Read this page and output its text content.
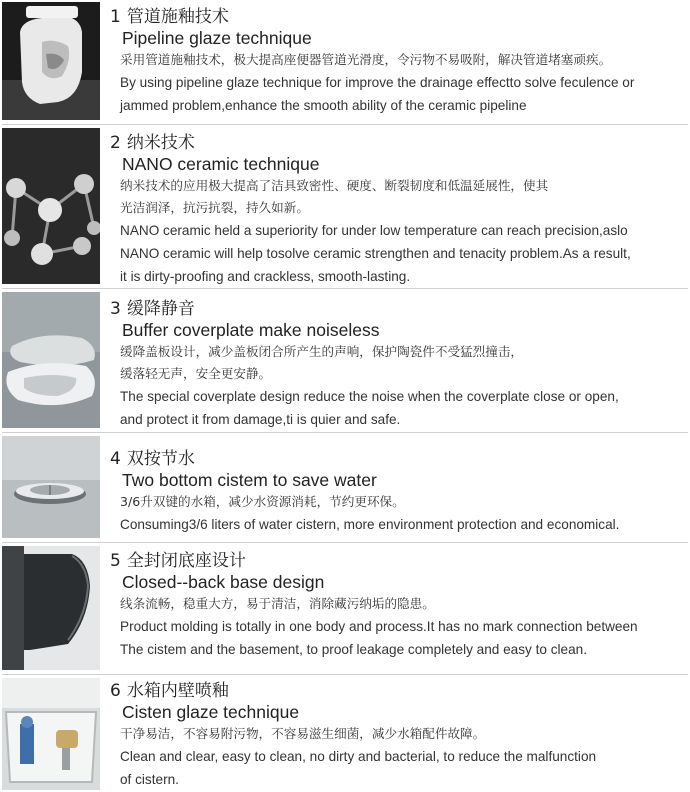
1 管道施釉技术

Pipeline glaze technique

采用管道施釉技术，极大提高座便器管道光滑度，令污物不易吸附，解决管道堵塞顽疾。

By using pipeline glaze technique for improve the drainage effectto solve feculence or

jammed problem,enhance the smooth ability of the ceramic pipeline

2 纳米技术

NANO ceramic technique

纳米技术的应用极大提高了洁具致密性、硬度、断裂韧度和低温延展性，使其

光洁润泽，抗污抗裂，持久如新。

NANO ceramic held a superiority for under low temperature can reach precision,aslo

NANO ceramic will help tosolve ceramic strengthen and tenacity problem.As a result,

it is dirty-proofing and crackless, smooth-lasting.

3 缓降静音

Buffer coverplate make noiseless

缓降盖板设计，减少盖板闭合所产生的声响，保护陶瓷件不受猛烈撞击，

缓落轻无声，安全更安静。

The special coverplate design reduce the noise when the coverplate close or open,

and protect it from damage,ti is quier and safe.

4 双按节水

Two bottom cistem to save water

3/6升双键的水箱，减少水资源消耗，节约更环保。

Consuming3/6 liters of water cistern, more environment protection and economical.

5 全封闭底座设计

Closed--back base design

线条流畅，稳重大方，易于清洁，消除藏污纳垢的隐患。

Product molding is totally in one body and process.It has no mark connection between

The cistem and the basement, to proof leakage completely and easy to clean.

6 水箱内壁喷釉

Cisten glaze technique

干净易洁，不容易附污物，不容易滋生细菌，减少水箱配件故障。

Clean and clear, easy to clean, no dirty and bacterial, to reduce the malfunction

of cistern.
